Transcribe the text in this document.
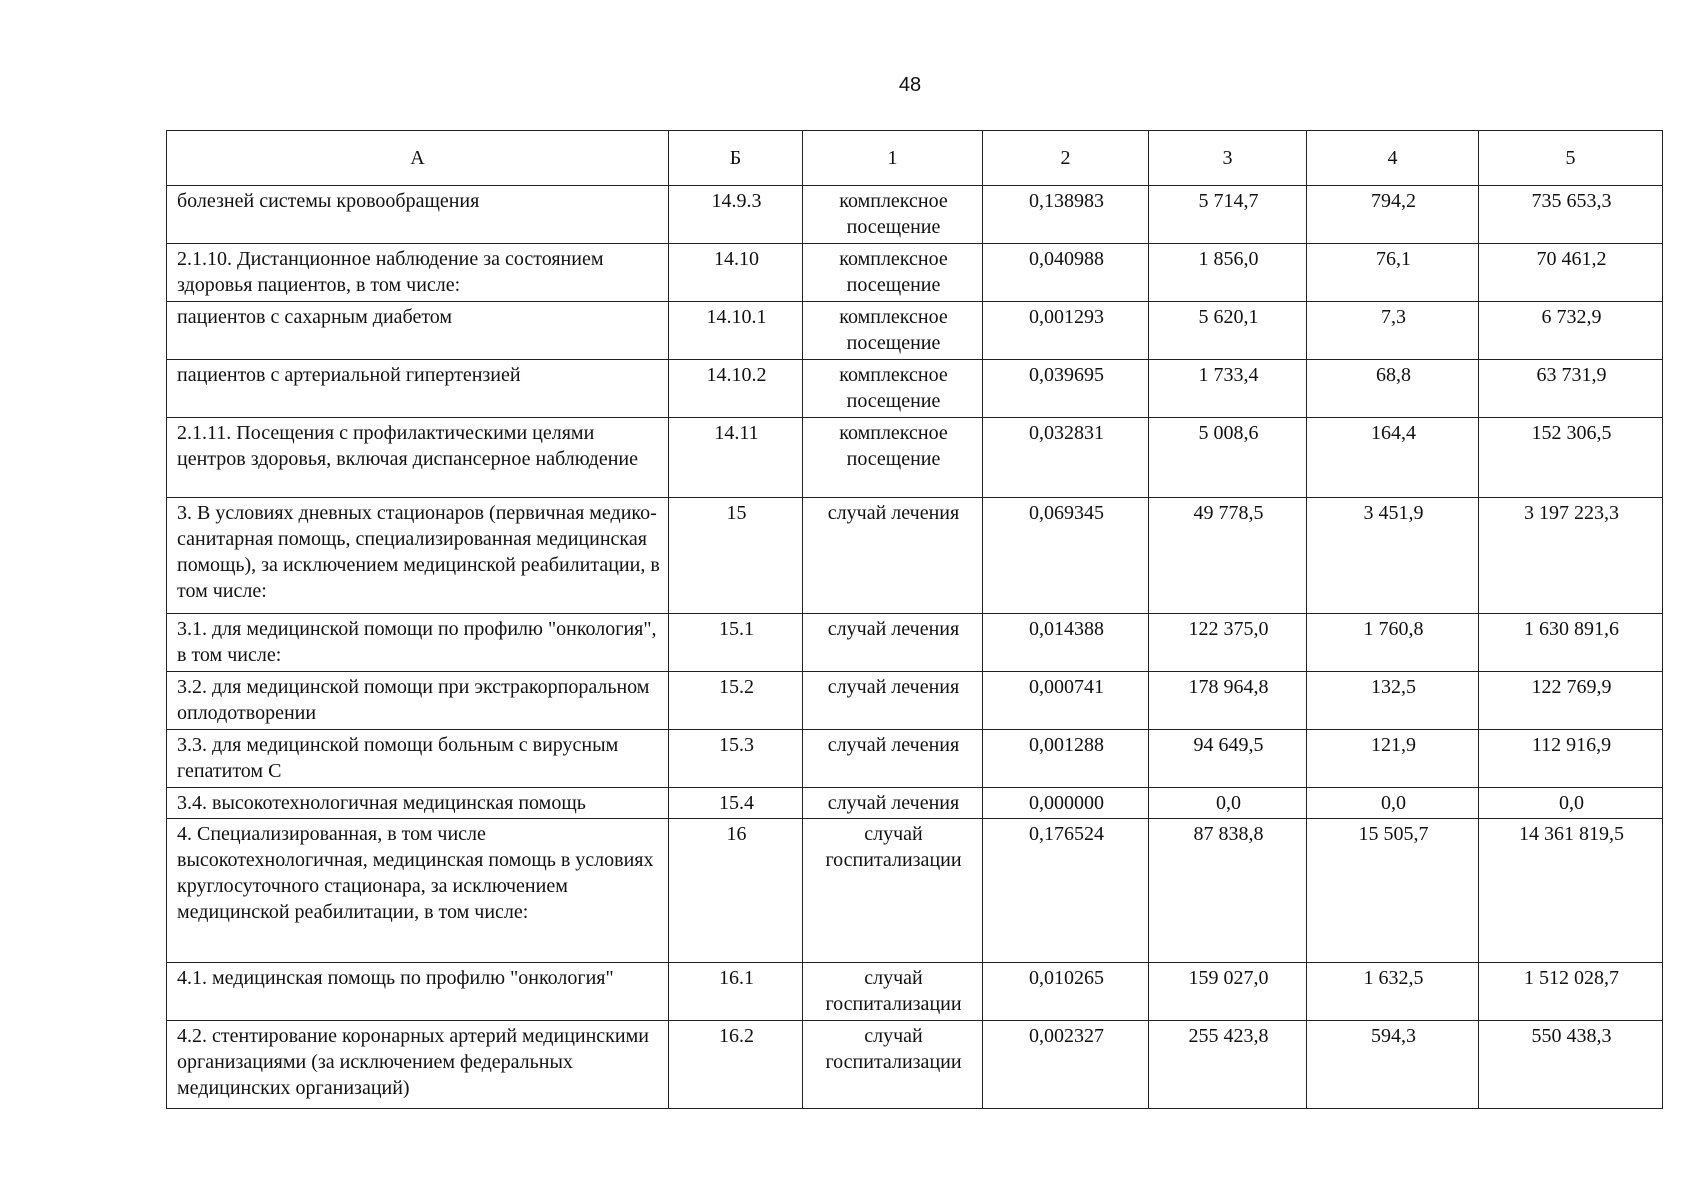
48
А	Б	1	2	3	4	5
болезней системы кровообращения	14.9.3	комплексное посещение	0,138983	5 714,7	794,2	735 653,3
2.1.10. Дистанционное наблюдение за состоянием здоровья пациентов, в том числе:	14.10	комплексное посещение	0,040988	1 856,0	76,1	70 461,2
пациентов с сахарным диабетом	14.10.1	комплексное посещение	0,001293	5 620,1	7,3	6 732,9
пациентов с артериальной гипертензией	14.10.2	комплексное посещение	0,039695	1 733,4	68,8	63 731,9
2.1.11. Посещения с профилактическими целями центров здоровья, включая диспансерное наблюдение	14.11	комплексное посещение	0,032831	5 008,6	164,4	152 306,5
3. В условиях дневных стационаров (первичная медико-санитарная помощь, специализированная медицинская помощь), за исключением медицинской реабилитации, в том числе:	15	случай лечения	0,069345	49 778,5	3 451,9	3 197 223,3
3.1. для медицинской помощи по профилю "онкология", в том числе:	15.1	случай лечения	0,014388	122 375,0	1 760,8	1 630 891,6
3.2. для медицинской помощи при экстракорпоральном оплодотворении	15.2	случай лечения	0,000741	178 964,8	132,5	122 769,9
3.3. для медицинской помощи больным с вирусным гепатитом С	15.3	случай лечения	0,001288	94 649,5	121,9	112 916,9
3.4. высокотехнологичная медицинская помощь	15.4	случай лечения	0,000000	0,0	0,0	0,0
4. Специализированная, в том числе высокотехнологичная, медицинская помощь в условиях круглосуточного стационара, за исключением медицинской реабилитации, в том числе:	16	случай госпитализации	0,176524	87 838,8	15 505,7	14 361 819,5
4.1. медицинская помощь по профилю "онкология"	16.1	случай госпитализации	0,010265	159 027,0	1 632,5	1 512 028,7
4.2. стентирование коронарных артерий медицинскими организациями (за исключением федеральных медицинских организаций)	16.2	случай госпитализации	0,002327	255 423,8	594,3	550 438,3
